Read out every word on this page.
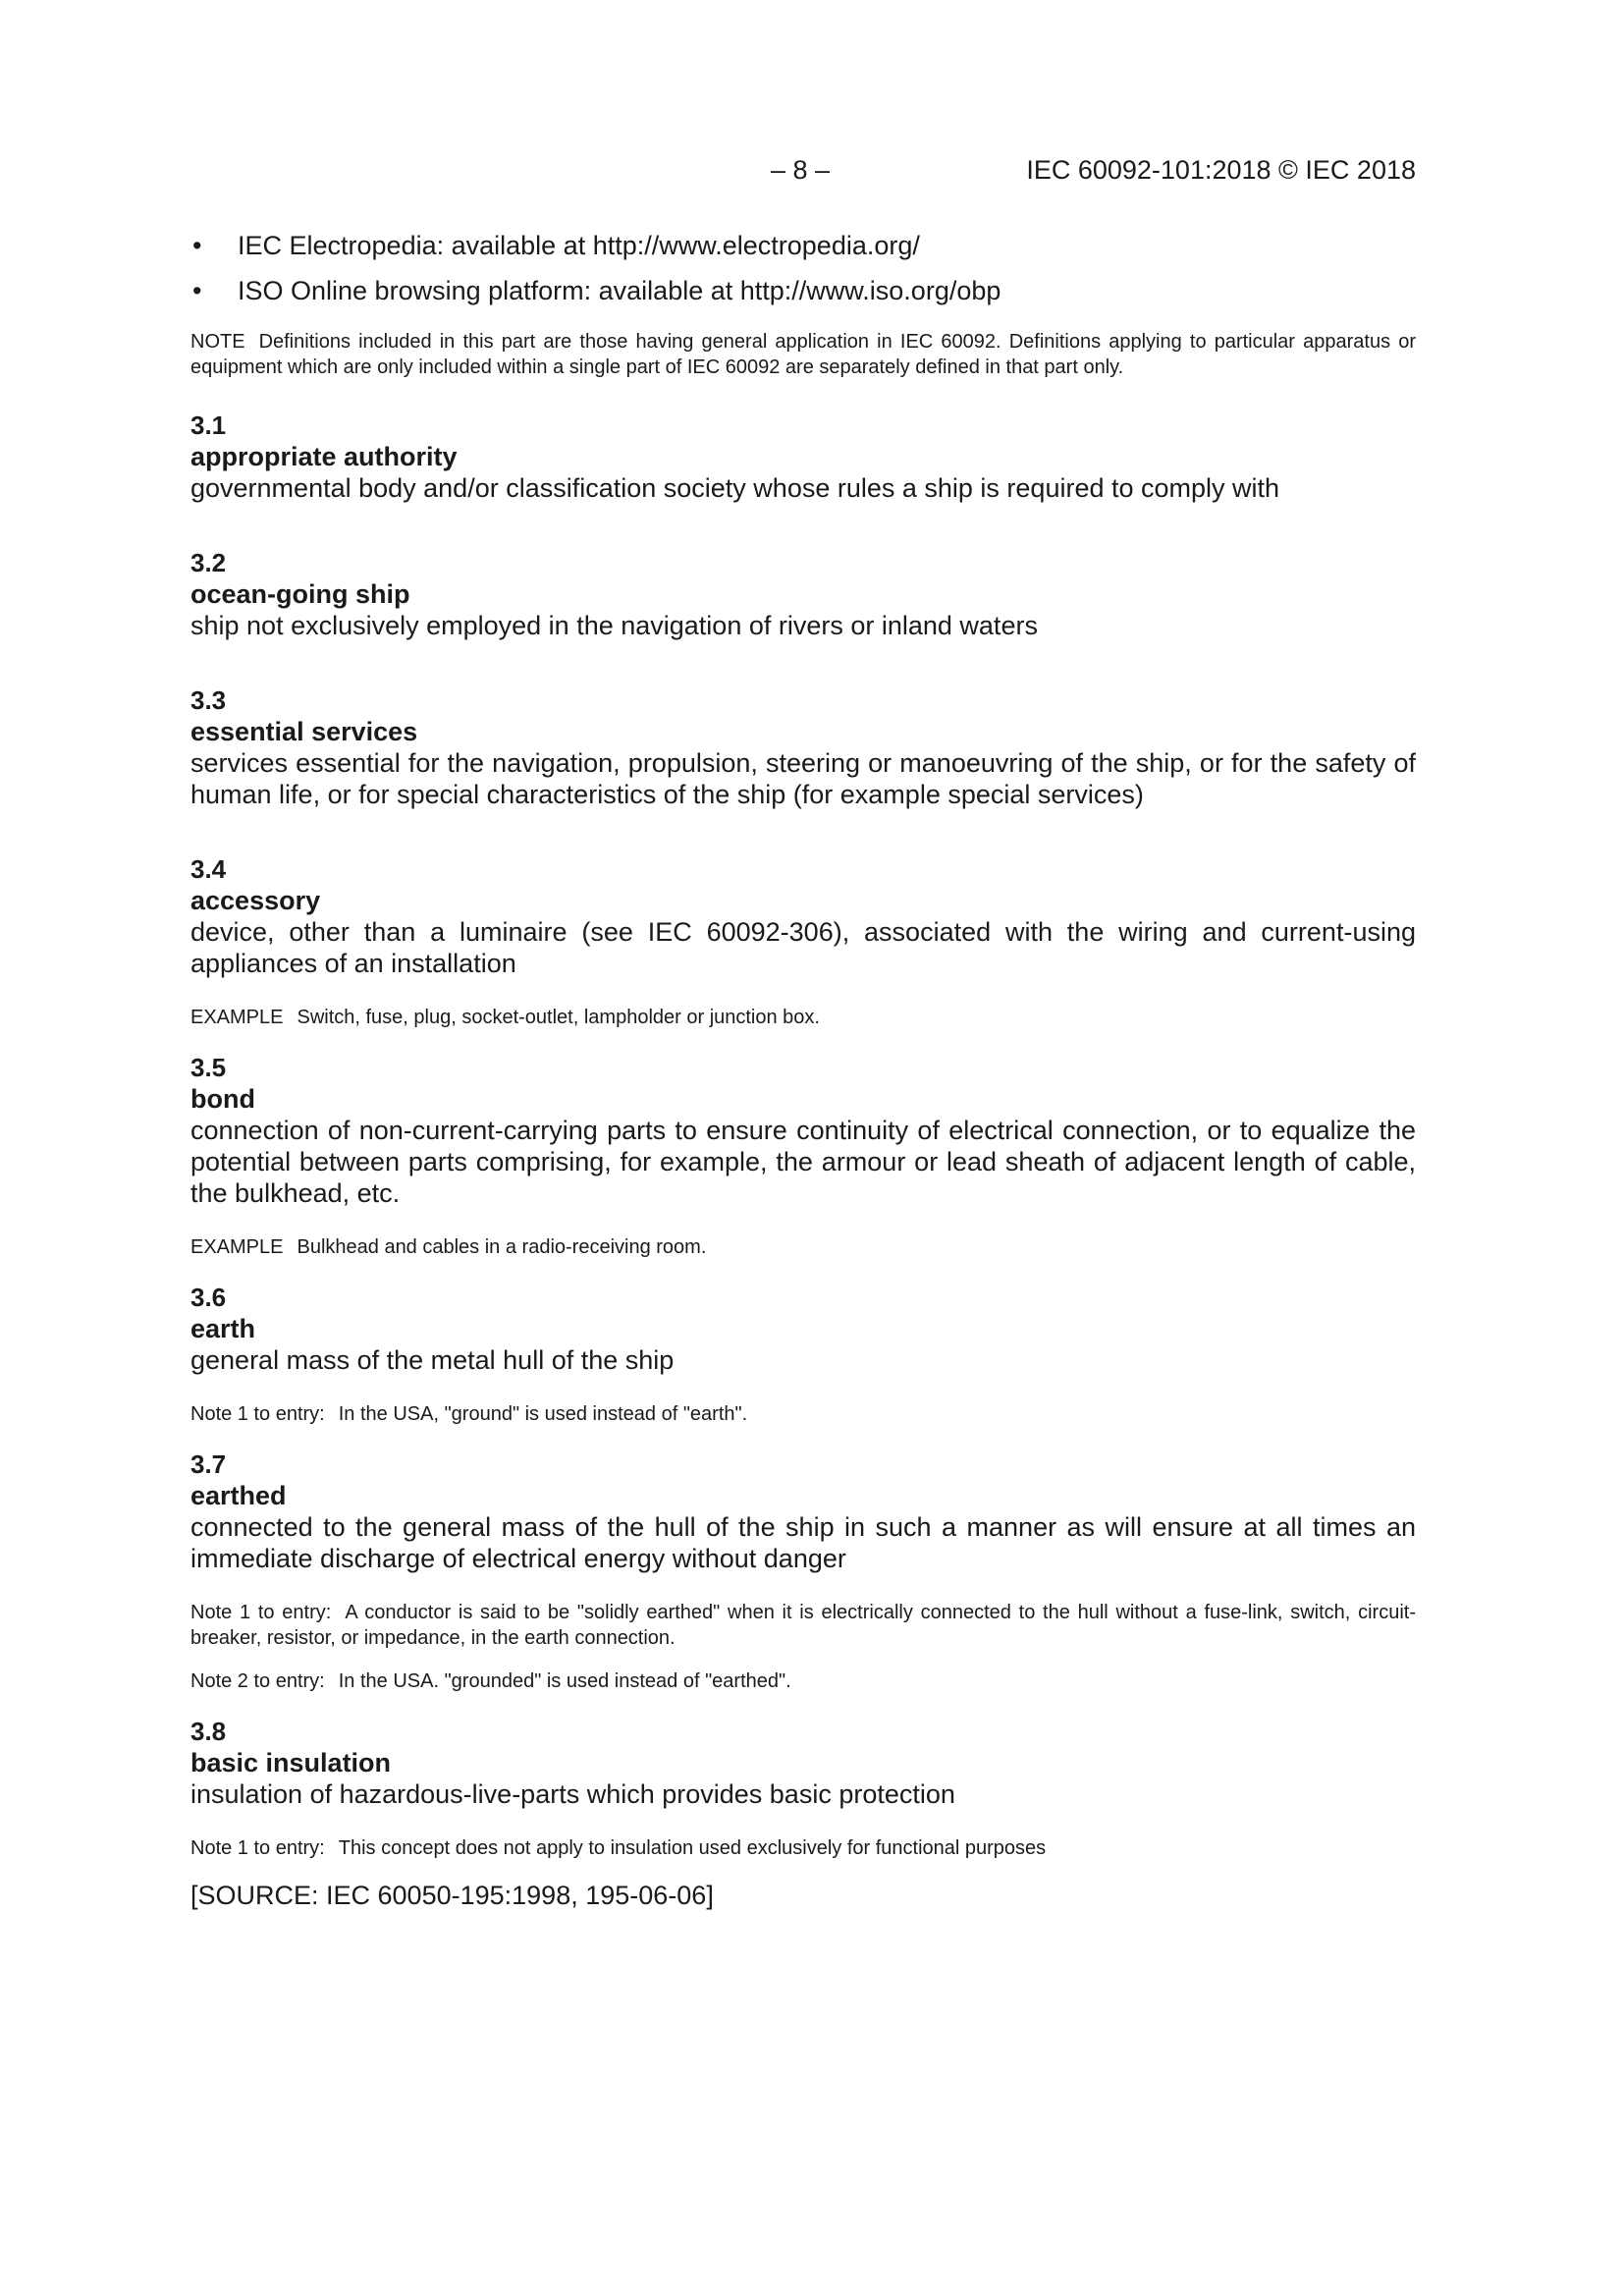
– 8 –	IEC 60092-101:2018 © IEC 2018
• IEC Electropedia: available at http://www.electropedia.org/
• ISO Online browsing platform: available at http://www.iso.org/obp
NOTE Definitions included in this part are those having general application in IEC 60092. Definitions applying to particular apparatus or equipment which are only included within a single part of IEC 60092 are separately defined in that part only.
3.1
appropriate authority
governmental body and/or classification society whose rules a ship is required to comply with
3.2
ocean-going ship
ship not exclusively employed in the navigation of rivers or inland waters
3.3
essential services
services essential for the navigation, propulsion, steering or manoeuvring of the ship, or for the safety of human life, or for special characteristics of the ship (for example special services)
3.4
accessory
device, other than a luminaire (see IEC 60092-306), associated with the wiring and current-using appliances of an installation
EXAMPLE Switch, fuse, plug, socket-outlet, lampholder or junction box.
3.5
bond
connection of non-current-carrying parts to ensure continuity of electrical connection, or to equalize the potential between parts comprising, for example, the armour or lead sheath of adjacent length of cable, the bulkhead, etc.
EXAMPLE Bulkhead and cables in a radio-receiving room.
3.6
earth
general mass of the metal hull of the ship
Note 1 to entry: In the USA, "ground" is used instead of "earth".
3.7
earthed
connected to the general mass of the hull of the ship in such a manner as will ensure at all times an immediate discharge of electrical energy without danger
Note 1 to entry: A conductor is said to be "solidly earthed" when it is electrically connected to the hull without a fuse-link, switch, circuit-breaker, resistor, or impedance, in the earth connection.
Note 2 to entry: In the USA. "grounded" is used instead of "earthed".
3.8
basic insulation
insulation of hazardous-live-parts which provides basic protection
Note 1 to entry: This concept does not apply to insulation used exclusively for functional purposes
[SOURCE: IEC 60050-195:1998, 195-06-06]
